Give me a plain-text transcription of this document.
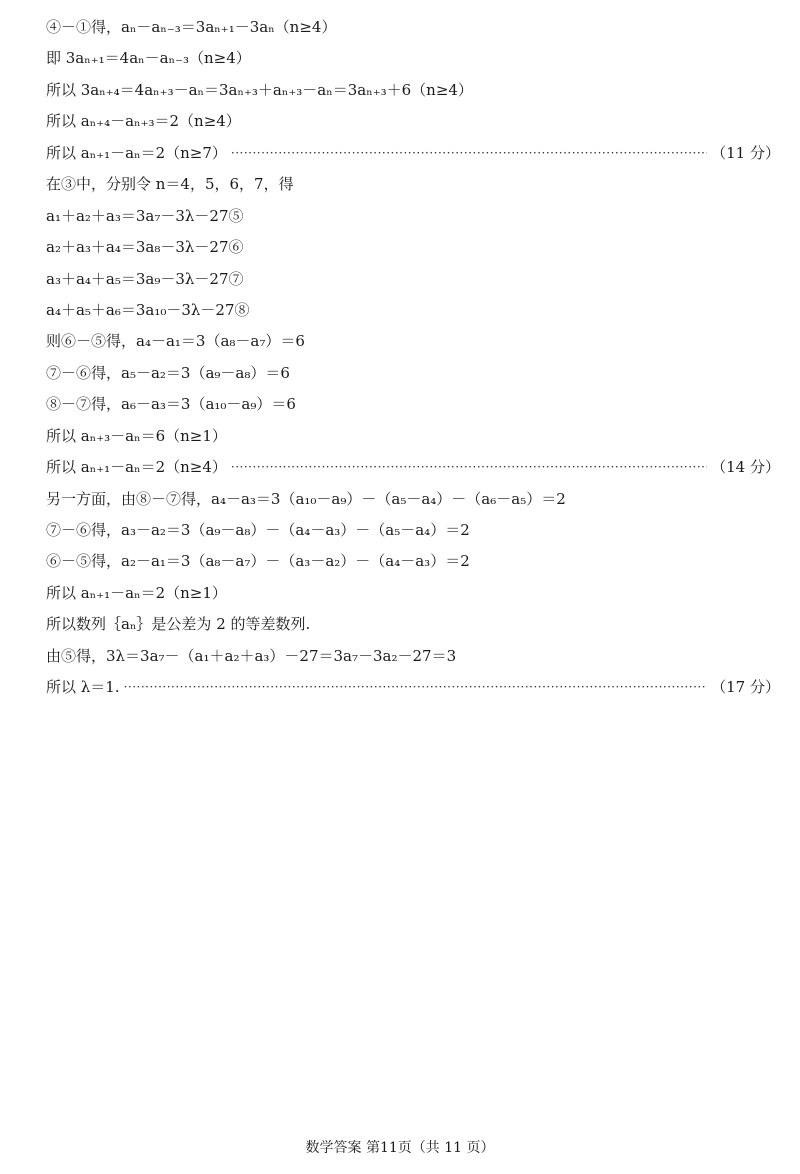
④－①得，aₙ－aₙ₋₃＝3aₙ₊₁－3aₙ（n≥4）
即 3aₙ₊₁＝4aₙ－aₙ₋₃（n≥4）
所以 3aₙ₊₄＝4aₙ₊₃－aₙ＝3aₙ₊₃＋aₙ₊₃－aₙ＝3aₙ₊₃＋6（n≥4）
所以 aₙ₊₄－aₙ₊₃＝2（n≥4）
所以 aₙ₊₁－aₙ＝2（n≥7） ·····	（11 分）
在③中，分别令 n＝4，5，6，7，得
a₁＋a₂＋a₃＝3a₇－3λ－27⑤
a₂＋a₃＋a₄＝3a₈－3λ－27⑥
a₃＋a₄＋a₅＝3a₉－3λ－27⑦
a₄＋a₅＋a₆＝3a₁₀－3λ－27⑧
则⑥－⑤得，a₄－a₁＝3（a₈－a₇）＝6
⑦－⑥得，a₅－a₂＝3（a₉－a₈）＝6
⑧－⑦得，a₆－a₃＝3（a₁₀－a₉）＝6
所以 aₙ₊₃－aₙ＝6（n≥1）
所以 aₙ₊₁－aₙ＝2（n≥4） ·····	（14 分）
另一方面，由⑧－⑦得，a₄－a₃＝3（a₁₀－a₉）－（a₅－a₄）－（a₆－a₅）＝2
⑦－⑥得，a₃－a₂＝3（a₉－a₈）－（a₄－a₃）－（a₅－a₄）＝2
⑥－⑤得，a₂－a₁＝3（a₈－a₇）－（a₃－a₂）－（a₄－a₃）＝2
所以 aₙ₊₁－aₙ＝2（n≥1）
所以数列｛aₙ｝是公差为 2 的等差数列.
由⑤得，3λ＝3a₇－（a₁＋a₂＋a₃）－27＝3a₇－3a₂－27＝3
所以 λ＝1. ·····	（17 分）
数学答案 第11页（共 11 页）
